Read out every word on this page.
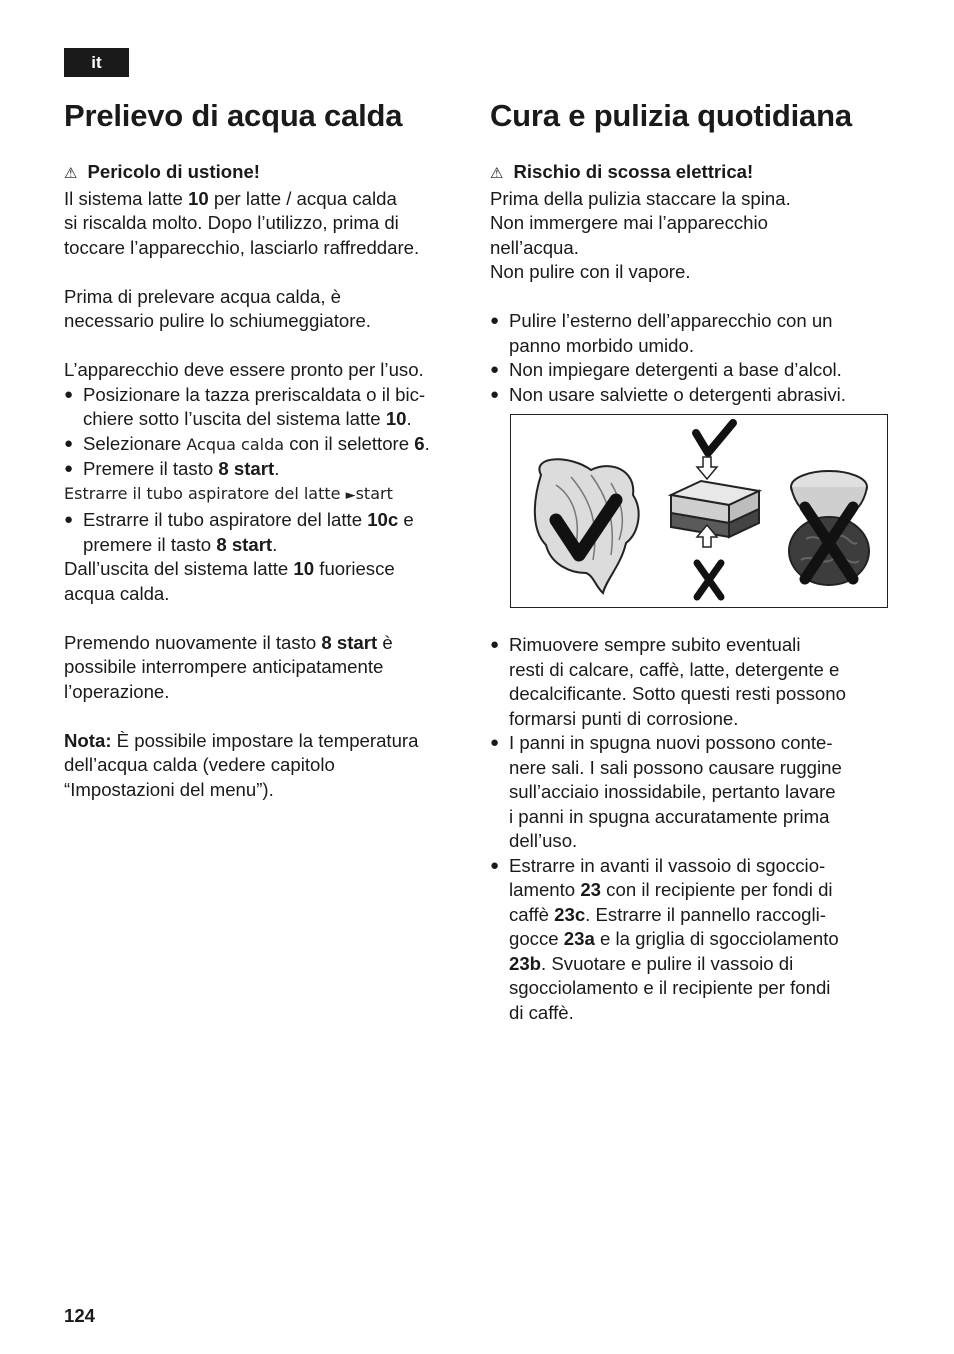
it
Prelievo di acqua calda

⚠ Pericolo di ustione!

Il sistema latte 10 per latte / acqua calda

si riscalda molto. Dopo l’utilizzo, prima di

toccare l’apparecchio, lasciarlo raffreddare.

Prima di prelevare acqua calda, è

necessario pulire lo schiumeggiatore.

L’apparecchio deve essere pronto per l’uso.

● Posizionare la tazza preriscaldata o il bic-
chiere sotto l’uscita del sistema latte 10.
● Selezionare Acqua calda con il selettore 6.
● Premere il tasto 8 start.

Estrarre il tubo aspiratore del latte ►start

● Estrarre il tubo aspiratore del latte 10c e
premere il tasto 8 start.

Dall’uscita del sistema latte 10 fuoriesce

acqua calda.

Premendo nuovamente il tasto 8 start è

possibile interrompere anticipatamente

l’operazione.

Nota: È possibile impostare la temperatura

dell’acqua calda (vedere capitolo

“Impostazioni del menu”).

Cura e pulizia quotidiana

⚠ Rischio di scossa elettrica!

Prima della pulizia staccare la spina.

Non immergere mai l’apparecchio

nell’acqua.

Non pulire con il vapore.

● Pulire l’esterno dell’apparecchio con un
panno morbido umido.
● Non impiegare detergenti a base d’alcol.
● Non usare salviette o detergenti abrasivi.
● Rimuovere sempre subito eventuali
resti di calcare, caffè, latte, detergente e
decalcificante. Sotto questi resti possono
formarsi punti di corrosione.
● I panni in spugna nuovi possono conte-
nere sali. I sali possono causare ruggine
sull’acciaio inossidabile, pertanto lavare
i panni in spugna accuratamente prima
dell’uso.
● Estrarre in avanti il vassoio di sgoccio-
lamento 23 con il recipiente per fondi di
caffè 23c. Estrarre il pannello raccogli-
gocce 23a e la griglia di sgocciolamento
23b. Svuotare e pulire il vassoio di
sgocciolamento e il recipiente per fondi
di caffè.
124
